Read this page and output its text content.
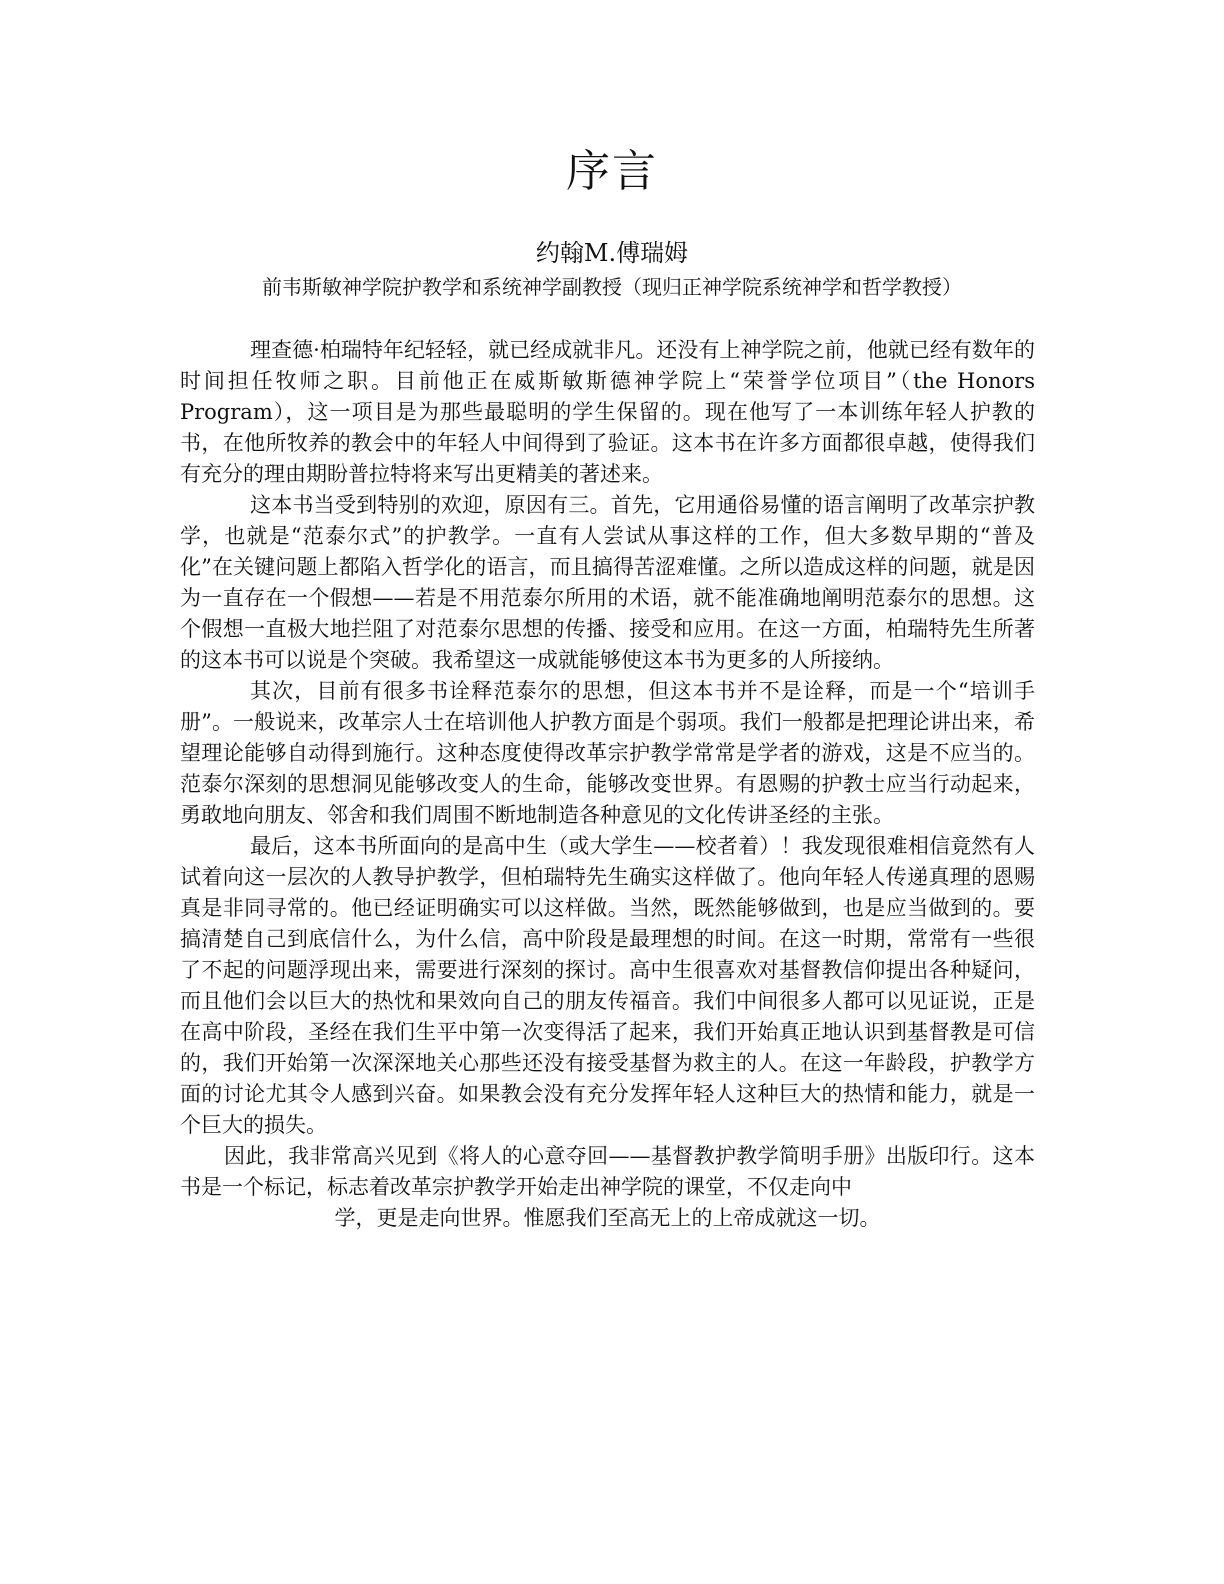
序言
约翰M.傅瑞姆
前韦斯敏神学院护教学和系统神学副教授（现归正神学院系统神学和哲学教授）

理查德·柏瑞特年纪轻轻，就已经成就非凡。还没有上神学院之前，他就已经有数年的时间担任牧师之职。目前他正在威斯敏斯德神学院上“荣誉学位项目”（the Honors Program），这一项目是为那些最聪明的学生保留的。现在他写了一本训练年轻人护教的书，在他所牧养的教会中的年轻人中间得到了验证。这本书在许多方面都很卓越，使得我们有充分的理由期盼普拉特将来写出更精美的著述来。

这本书当受到特别的欢迎，原因有三。首先，它用通俗易懂的语言阐明了改革宗护教学，也就是“范泰尔式”的护教学。一直有人尝试从事这样的工作，但大多数早期的“普及化”在关键问题上都陷入哲学化的语言，而且搞得苦涩难懂。之所以造成这样的问题，就是因为一直存在一个假想——若是不用范泰尔所用的术语，就不能准确地阐明范泰尔的思想。这个假想一直极大地拦阻了对范泰尔思想的传播、接受和应用。在这一方面，柏瑞特先生所著的这本书可以说是个突破。我希望这一成就能够使这本书为更多的人所接纳。

其次，目前有很多书诠释范泰尔的思想，但这本书并不是诠释，而是一个“培训手册”。一般说来，改革宗人士在培训他人护教方面是个弱项。我们一般都是把理论讲出来，希望理论能够自动得到施行。这种态度使得改革宗护教学常常是学者的游戏，这是不应当的。范泰尔深刻的思想洞见能够改变人的生命，能够改变世界。有恩赐的护教士应当行动起来，勇敢地向朋友、邻舍和我们周围不断地制造各种意见的文化传讲圣经的主张。

最后，这本书所面向的是高中生（或大学生——校者着）！我发现很难相信竟然有人试着向这一层次的人教导护教学，但柏瑞特先生确实这样做了。他向年轻人传递真理的恩赐真是非同寻常的。他已经证明确实可以这样做。当然，既然能够做到，也是应当做到的。要搞清楚自己到底信什么，为什么信，高中阶段是最理想的时间。在这一时期，常常有一些很了不起的问题浮现出来，需要进行深刻的探讨。高中生很喜欢对基督教信仰提出各种疑问，而且他们会以巨大的热忱和果效向自己的朋友传福音。我们中间很多人都可以见证说，正是在高中阶段，圣经在我们生平中第一次变得活了起来，我们开始真正地认识到基督教是可信的，我们开始第一次深深地关心那些还没有接受基督为救主的人。在这一年龄段，护教学方面的讨论尤其令人感到兴奋。如果教会没有充分发挥年轻人这种巨大的热情和能力，就是一个巨大的损失。

因此，我非常高兴见到《将人的心意夺回——基督教护教学简明手册》出版印行。这本书是一个标记，标志着改革宗护教学开始走出神学院的课堂，不仅走向中

学，更是走向世界。惟愿我们至高无上的上帝成就这一切。
